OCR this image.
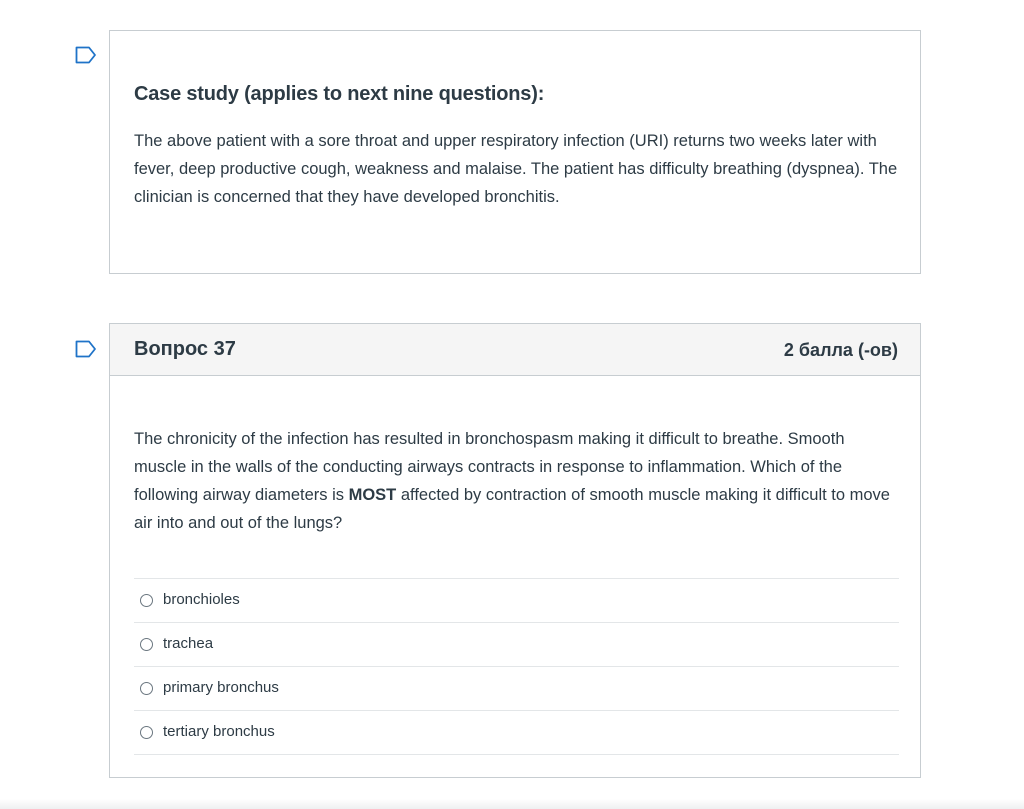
Case study (applies to next nine questions):

The above patient with a sore throat and upper respiratory infection (URI) returns two weeks later with fever, deep productive cough, weakness and malaise. The patient has difficulty breathing (dyspnea). The clinician is concerned that they have developed bronchitis.

Вопрос 37	2 балла (-ов)

The chronicity of the infection has resulted in bronchospasm making it difficult to breathe. Smooth muscle in the walls of the conducting airways contracts in response to inflammation. Which of the following airway diameters is MOST affected by contraction of smooth muscle making it difficult to move air into and out of the lungs?

bronchioles
trachea
primary bronchus
tertiary bronchus
